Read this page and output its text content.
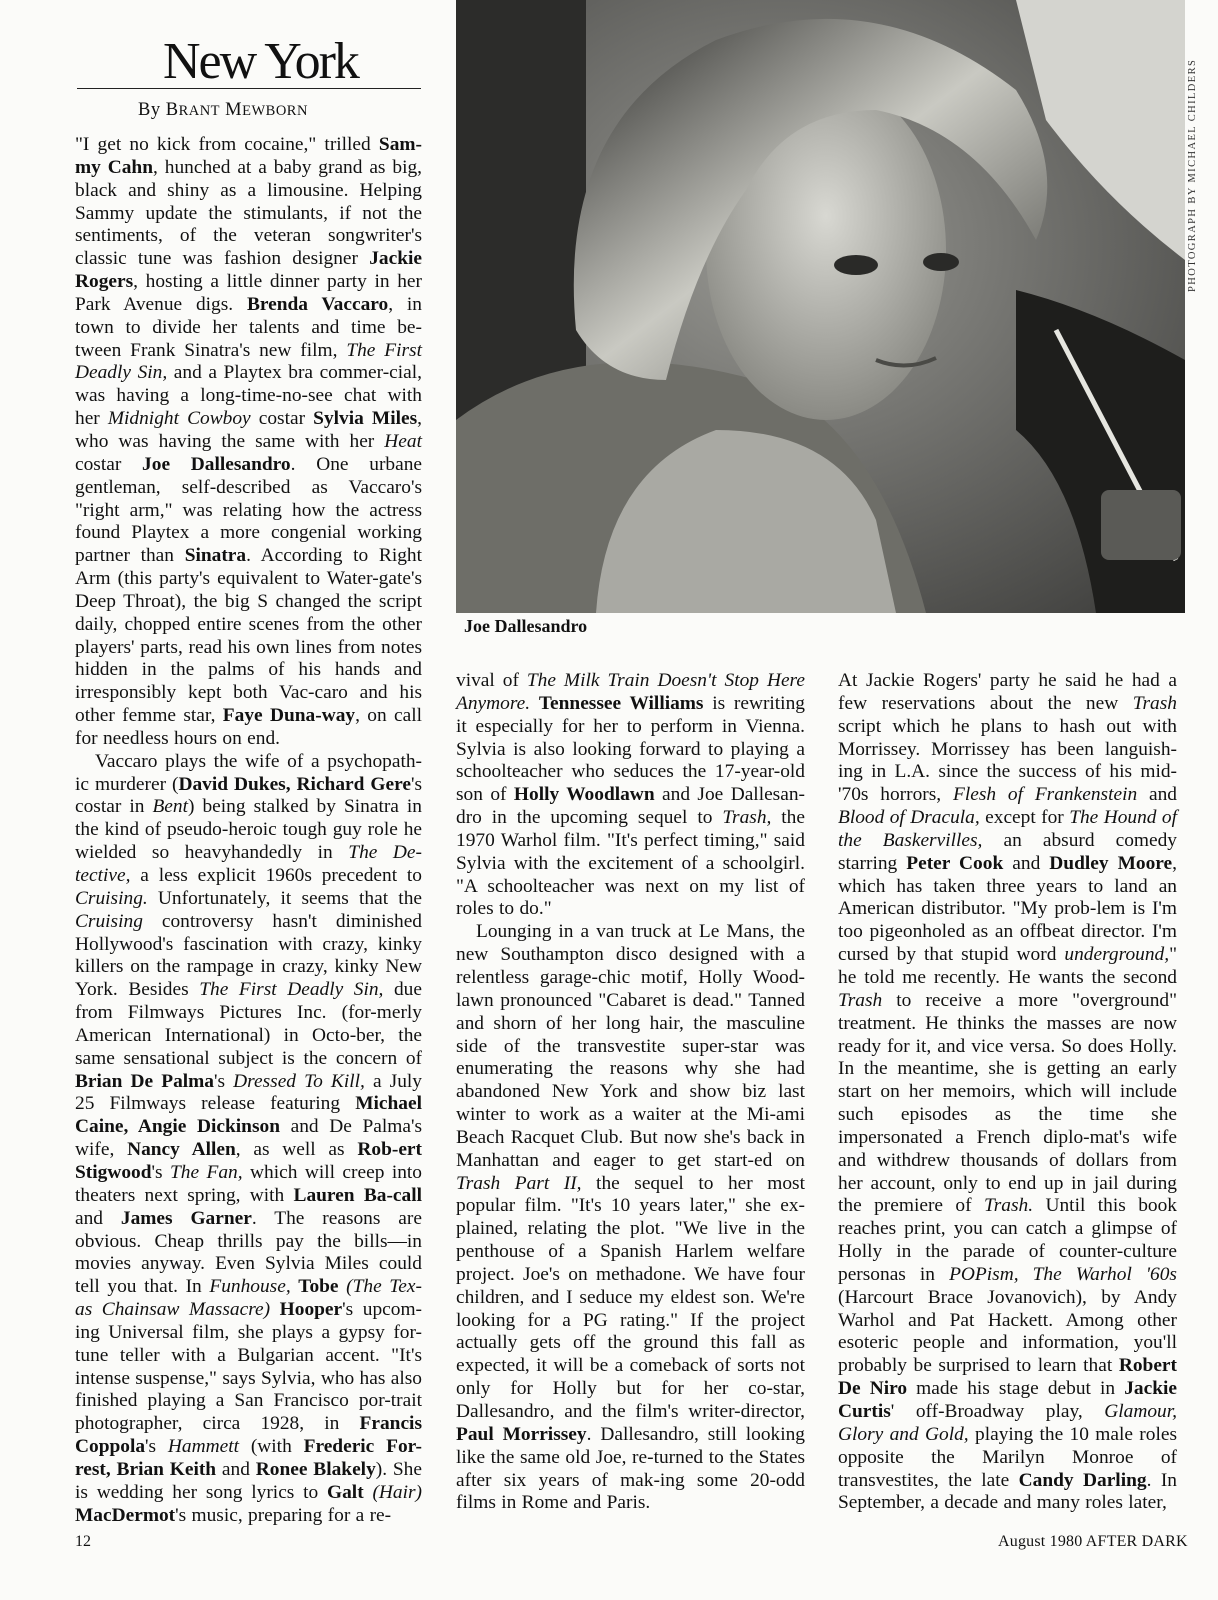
New York
By BRANT MEWBORN
Joe Dallesandro
PHOTOGRAPH BY MICHAEL CHILDERS

"I get no kick from cocaine," trilled Sam-my Cahn, hunched at a baby grand as big, black and shiny as a limousine. Helping Sammy update the stimulants, if not the sentiments, of the veteran songwriter's classic tune was fashion designer Jackie Rogers, hosting a little dinner party in her Park Avenue digs. Brenda Vaccaro, in town to divide her talents and time be-tween Frank Sinatra's new film, The First Deadly Sin, and a Playtex bra commer-cial, was having a long-time-no-see chat with her Midnight Cowboy costar Sylvia Miles, who was having the same with her Heat costar Joe Dallesandro. One urbane gentleman, self-described as Vaccaro's "right arm," was relating how the actress found Playtex a more congenial working partner than Sinatra. According to Right Arm (this party's equivalent to Water-gate's Deep Throat), the big S changed the script daily, chopped entire scenes from the other players' parts, read his own lines from notes hidden in the palms of his hands and irresponsibly kept both Vac-caro and his other femme star, Faye Duna-way, on call for needless hours on end.

Vaccaro plays the wife of a psychopath-ic murderer (David Dukes, Richard Gere's costar in Bent) being stalked by Sinatra in the kind of pseudo-heroic tough guy role he wielded so heavyhandedly in The De-tective, a less explicit 1960s precedent to Cruising. Unfortunately, it seems that the Cruising controversy hasn't diminished Hollywood's fascination with crazy, kinky killers on the rampage in crazy, kinky New York. Besides The First Deadly Sin, due from Filmways Pictures Inc. (for-merly American International) in Octo-ber, the same sensational subject is the concern of Brian De Palma's Dressed To Kill, a July 25 Filmways release featuring Michael Caine, Angie Dickinson and De Palma's wife, Nancy Allen, as well as Rob-ert Stigwood's The Fan, which will creep into theaters next spring, with Lauren Ba-call and James Garner. The reasons are obvious. Cheap thrills pay the bills—in movies anyway. Even Sylvia Miles could tell you that. In Funhouse, Tobe (The Tex-as Chainsaw Massacre) Hooper's upcom-ing Universal film, she plays a gypsy for-tune teller with a Bulgarian accent. "It's intense suspense," says Sylvia, who has also finished playing a San Francisco por-trait photographer, circa 1928, in Francis Coppola's Hammett (with Frederic For-rest, Brian Keith and Ronee Blakely). She is wedding her song lyrics to Galt (Hair) MacDermot's music, preparing for a re-

vival of The Milk Train Doesn't Stop Here Anymore. Tennessee Williams is rewriting it especially for her to perform in Vienna. Sylvia is also looking forward to playing a schoolteacher who seduces the 17-year-old son of Holly Woodlawn and Joe Dallesan-dro in the upcoming sequel to Trash, the 1970 Warhol film. "It's perfect timing," said Sylvia with the excitement of a schoolgirl. "A schoolteacher was next on my list of roles to do."

Lounging in a van truck at Le Mans, the new Southampton disco designed with a relentless garage-chic motif, Holly Wood-lawn pronounced "Cabaret is dead." Tanned and shorn of her long hair, the masculine side of the transvestite super-star was enumerating the reasons why she had abandoned New York and show biz last winter to work as a waiter at the Mi-ami Beach Racquet Club. But now she's back in Manhattan and eager to get start-ed on Trash Part II, the sequel to her most popular film. "It's 10 years later," she ex-plained, relating the plot. "We live in the penthouse of a Spanish Harlem welfare project. Joe's on methadone. We have four children, and I seduce my eldest son. We're looking for a PG rating." If the project actually gets off the ground this fall as expected, it will be a comeback of sorts not only for Holly but for her co-star, Dallesandro, and the film's writer-director, Paul Morrissey. Dallesandro, still looking like the same old Joe, re-turned to the States after six years of mak-ing some 20-odd films in Rome and Paris.

At Jackie Rogers' party he said he had a few reservations about the new Trash script which he plans to hash out with Morrissey. Morrissey has been languish-ing in L.A. since the success of his mid-'70s horrors, Flesh of Frankenstein and Blood of Dracula, except for The Hound of the Baskervilles, an absurd comedy starring Peter Cook and Dudley Moore, which has taken three years to land an American distributor. "My prob-lem is I'm too pigeonholed as an offbeat director. I'm cursed by that stupid word underground," he told me recently. He wants the second Trash to receive a more "overground" treatment. He thinks the masses are now ready for it, and vice versa. So does Holly. In the meantime, she is getting an early start on her memoirs, which will include such episodes as the time she impersonated a French diplo-mat's wife and withdrew thousands of dollars from her account, only to end up in jail during the premiere of Trash. Until this book reaches print, you can catch a glimpse of Holly in the parade of counter-culture personas in POPism, The Warhol '60s (Harcourt Brace Jovanovich), by Andy Warhol and Pat Hackett. Among other esoteric people and information, you'll probably be surprised to learn that Robert De Niro made his stage debut in Jackie Curtis' off-Broadway play, Glamour, Glory and Gold, playing the 10 male roles opposite the Marilyn Monroe of transvestites, the late Candy Darling. In September, a decade and many roles later,

12	August 1980 AFTER DARK
